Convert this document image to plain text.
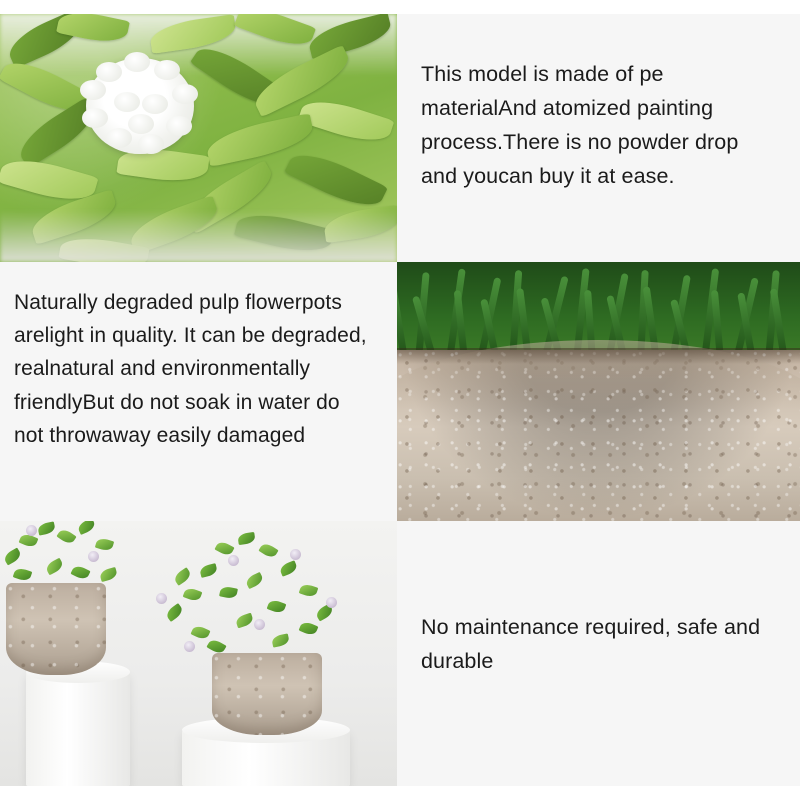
This model is made of pe materialAnd atomized painting process.There is no powder drop and youcan buy it at ease.
Naturally degraded pulp flowerpots arelight in quality. It can be degraded, realnatural and environmentally friendlyBut do not soak in water do not throwaway easily damaged
No maintenance required, safe and durable
